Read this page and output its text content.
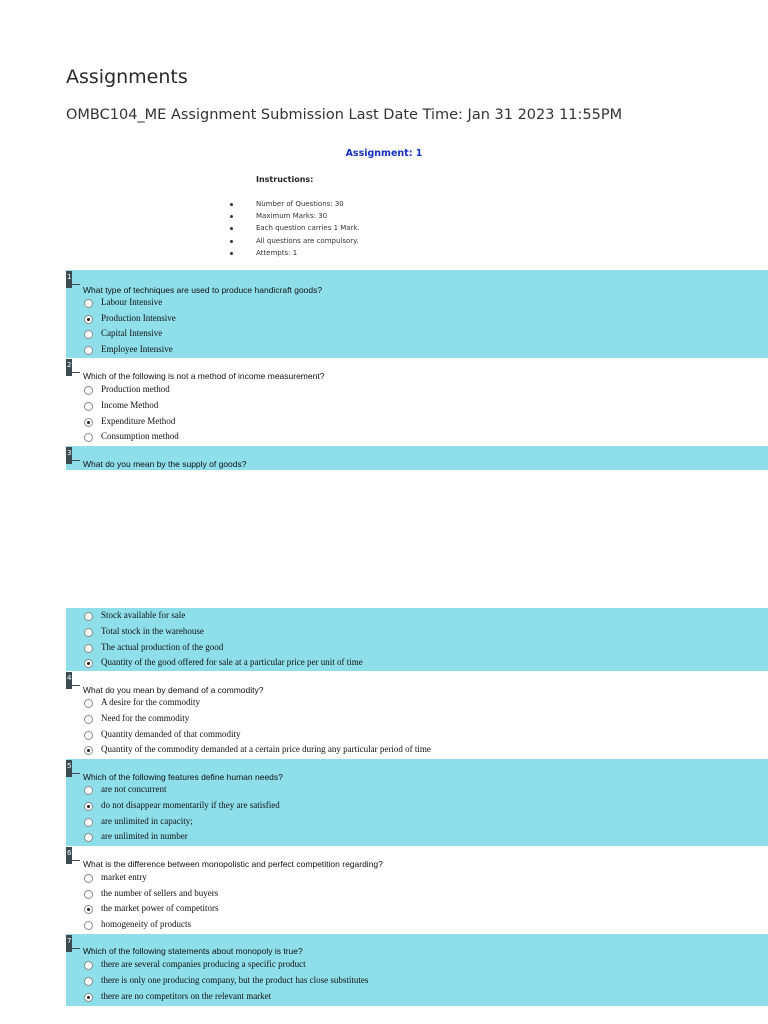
Assignments

OMBC104_ME Assignment Submission Last Date Time: Jan 31 2023 11:55PM

Assignment: 1
Instructions:
Number of Questions: 30
Maximum Marks: 30
Each question carries 1 Mark.
All questions are compulsory.
Attempts: 1
1
What type of techniques are used to produce handicraft goods?
Labour Intensive
Production Intensive
Capital Intensive
Employee Intensive
2
Which of the following is not a method of income measurement?
Production method
Income Method
Expenditure Method
Consumption method
3
What do you mean by the supply of goods?
Stock available for sale
Total stock in the warehouse
The actual production of the good
Quantity of the good offered for sale at a particular price per unit of time
4
What do you mean by demand of a commodity?
A desire for the commodity
Need for the commodity
Quantity demanded of that commodity
Quantity of the commodity demanded at a certain price during any particular period of time
5
Which of the following features define human needs?
are not concurrent
do not disappear momentarily if they are satisfied
are unlimited in capacity;
are unlimited in number
6
What is the difference between monopolistic and perfect competition regarding?
market entry
the number of sellers and buyers
the market power of competitors
homogeneity of products
7
Which of the following statements about monopoly is true?
there are several companies producing a specific product
there is only one producing company, but the product has close substitutes
there are no competitors on the relevant market
